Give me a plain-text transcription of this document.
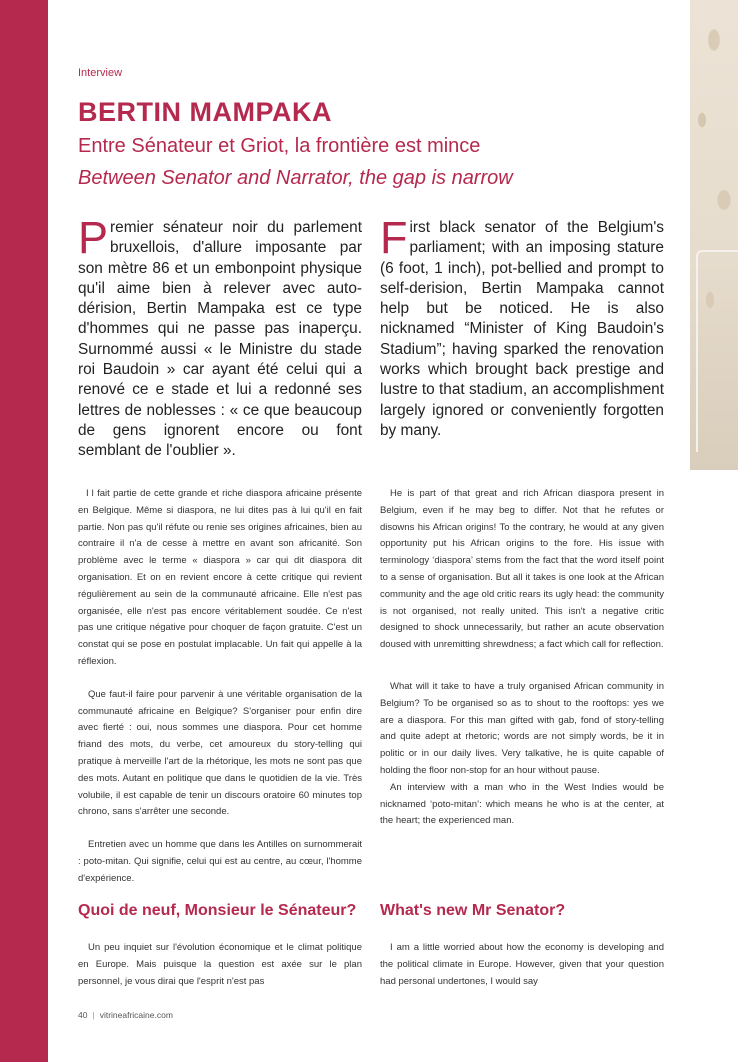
Interview
BERTIN MAMPAKA
Entre Sénateur et Griot, la frontière est mince
Between Senator and Narrator, the gap is narrow

Premier sénateur noir du parlement bruxellois, d'allure imposante par son mètre 86 et un embonpoint physique qu'il aime bien à relever avec auto-dérision, Bertin Mampaka est ce type d'hommes qui ne passe pas inaperçu. Surnommé aussi « le Ministre du stade roi Baudoin » car ayant été celui qui a renové ce e stade et lui a redonné ses lettres de noblesses : « ce que beaucoup de gens ignorent encore ou font semblant de l'oublier ».

First black senator of the Belgium's parliament; with an imposing stature (6 foot, 1 inch), pot-bellied and prompt to self-derision, Bertin Mampaka cannot help but be noticed. He is also nicknamed “Minister of King Baudoin's Stadium”; having sparked the renovation works which brought back prestige and lustre to that stadium, an accomplishment largely ignored or conveniently forgotten by many.

Il fait partie de cette grande et riche diaspora africaine présente en Belgique. Même si diaspora, ne lui dites pas à lui qu'il en fait partie. Non pas qu'il réfute ou renie ses origines africaines, bien au contraire il n'a de cesse à mettre en avant son africanité. Son problème avec le terme « diaspora » car qui dit diaspora dit organisation. Et on en revient encore à cette critique qui revient régulièrement au sein de la communauté africaine. Elle n'est pas organisée, elle n'est pas encore véritablement soudée. Ce n'est pas une critique négative pour choquer de façon gratuite. C'est un constat qui se pose en postulat implacable. Un fait qui appelle à la réflexion.

Que faut-il faire pour parvenir à une véritable organisation de la communauté africaine en Belgique? S'organiser pour enfin dire avec fierté : oui, nous sommes une diaspora. Pour cet homme friand des mots, du verbe, cet amoureux du story-telling qui pratique à merveille l'art de la rhétorique, les mots ne sont pas que des mots. Autant en politique que dans le quotidien de la vie. Très volubile, il est capable de tenir un discours oratoire 60 minutes top chrono, sans s'arrêter une seconde.

Entretien avec un homme que dans les Antilles on surnommerait : poto-mitan. Qui signifie, celui qui est au centre, au cœur, l'homme d'expérience.

He is part of that great and rich African diaspora present in Belgium, even if he may beg to differ. Not that he refutes or disowns his African origins! To the contrary, he would at any given opportunity put his African origins to the fore. His issue with terminology ‘diaspora’ stems from the fact that the word itself point to a sense of organisation. But all it takes is one look at the African community and the age old critic rears its ugly head: the community is not organised, not really united. This isn't a negative critic designed to shock unnecessarily, but rather an acute observation doused with unremitting shrewdness; a fact which call for reflection.

What will it take to have a truly organised African community in Belgium? To be organised so as to shout to the rooftops: yes we are a diaspora. For this man gifted with gab, fond of story-telling and quite adept at rhetoric; words are not simply words, be it in politic or in our daily lives. Very talkative, he is quite capable of holding the floor non-stop for an hour without pause.

An interview with a man who in the West Indies would be nicknamed ‘poto-mitan’: which means he who is at the center, at the heart; the experienced man.

Quoi de neuf, Monsieur le Sénateur? What's new Mr Senator?

Un peu inquiet sur l'évolution économique et le climat politique en Europe. Mais puisque la question est axée sur le plan personnel, je vous dirai que l'esprit n'est pas

I am a little worried about how the economy is developing and the political climate in Europe. However, given that your question had personal undertones, I would say

40 | vitrineafricaine.com
